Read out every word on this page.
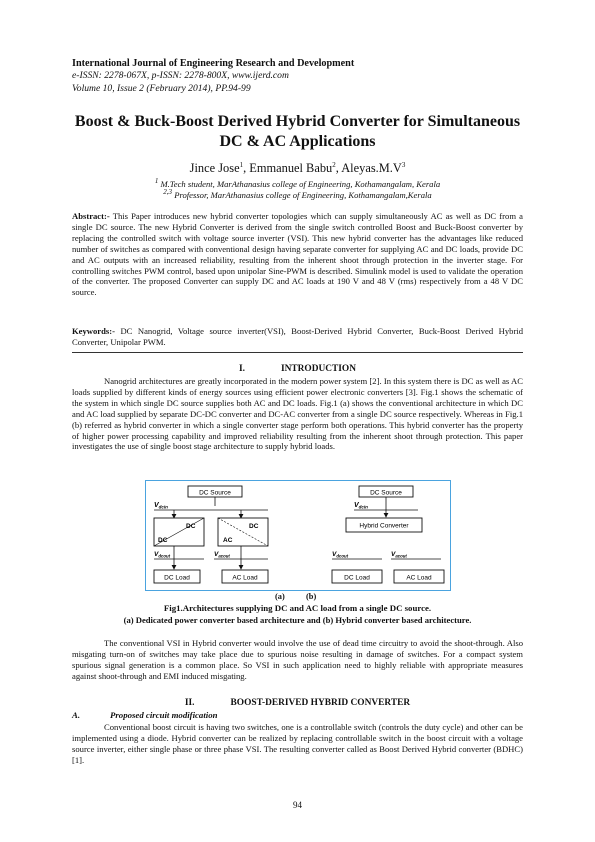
International Journal of Engineering Research and Development
e-ISSN: 2278-067X, p-ISSN: 2278-800X, www.ijerd.com
Volume 10, Issue 2 (February 2014), PP.94-99
Boost & Buck-Boost Derived Hybrid Converter for Simultaneous
DC & AC Applications
Jince Jose$^1$, Emmanuel Babu$^2$, $Aleyas.M.V^3$
$^1$ M.Tech student, MarAthanasius college of Engineering, Kothamangalam, Kerala
$^{2,3}$ Professor, MarAthanasius college of Engineering, Kothamangalam,Kerala
Abstract:- This Paper introduces new hybrid converter topologies which can supply simultaneously AC as well as DC from a single DC source. The new Hybrid Converter is derived from the single switch controlled Boost and Buck-Boost converter by replacing the controlled switch with voltage source inverter (VSI). This new hybrid converter has the advantages like reduced number of switches as compared with conventional design having separate converter for supplying AC and DC loads, provide DC and AC outputs with an increased reliability, resulting from the inherent shoot through protection in the inverter stage. For controlling switches PWM control, based upon unipolar Sine-PWM is described. Simulink model is used to validate the operation of the converter. The proposed Converter can supply DC and AC loads at 190 V and 48 V (rms) respectively from a 48 V DC source.
Keywords:- DC Nanogrid, Voltage source inverter(VSI), Boost-Derived Hybrid Converter, Buck-Boost Derived Hybrid Converter, Unipolar PWM.
I.	INTRODUCTION
Nanogrid architectures are greatly incorporated in the modern power system [2]. In this system there is DC as well as AC loads supplied by different kinds of energy sources using efficient power electronic converters [3]. Fig.1 shows the schematic of the system in which single DC source supplies both AC and DC loads. Fig.1 (a) shows the conventional architecture in which DC and AC load supplied by separate DC-DC converter and DC-AC converter from a single DC source respectively. Whereas in Fig.1 (b) referred as hybrid converter in which a single converter stage perform both operations. This hybrid converter has the property of higher power processing capability and improved reliability resulting from the inherent shoot through protection. This paper investigates the use of single boost stage architecture to supply hybrid loads.
DC Source
$V_{dcin}$
DC
DC
DC
AC
$V_{dcout}$	$V_{acout}$
DC Load	AC Load
DC Source
$V_{dcin}$
Hybrid Converter
$V_{dcout}$	$V_{acout}$
DC Load	AC Load
(a)	(b)
Fig1.Architectures supplying DC and AC load from a single DC source.
(a) Dedicated power converter based architecture and (b) Hybrid converter based architecture.
The conventional VSI in Hybrid converter would involve the use of dead time circuitry to avoid the shoot-through. Also misgating turn-on of switches may take place due to spurious noise resulting in damage of switches. For a compact system spurious signal generation is a common place. So VSI in such application need to highly reliable with appropriate measures against shoot-through and EMI induced misgating.
II.	BOOST-DERIVED HYBRID CONVERTER
A.	Proposed circuit modification
Conventional boost circuit is having two switches, one is a controllable switch (controls the duty cycle) and other can be implemented using a diode. Hybrid converter can be realized by replacing controllable switch in the boost circuit with a voltage source inverter, either single phase or three phase VSI. The resulting converter called as Boost Derived Hybrid converter (BDHC) [1].
94
